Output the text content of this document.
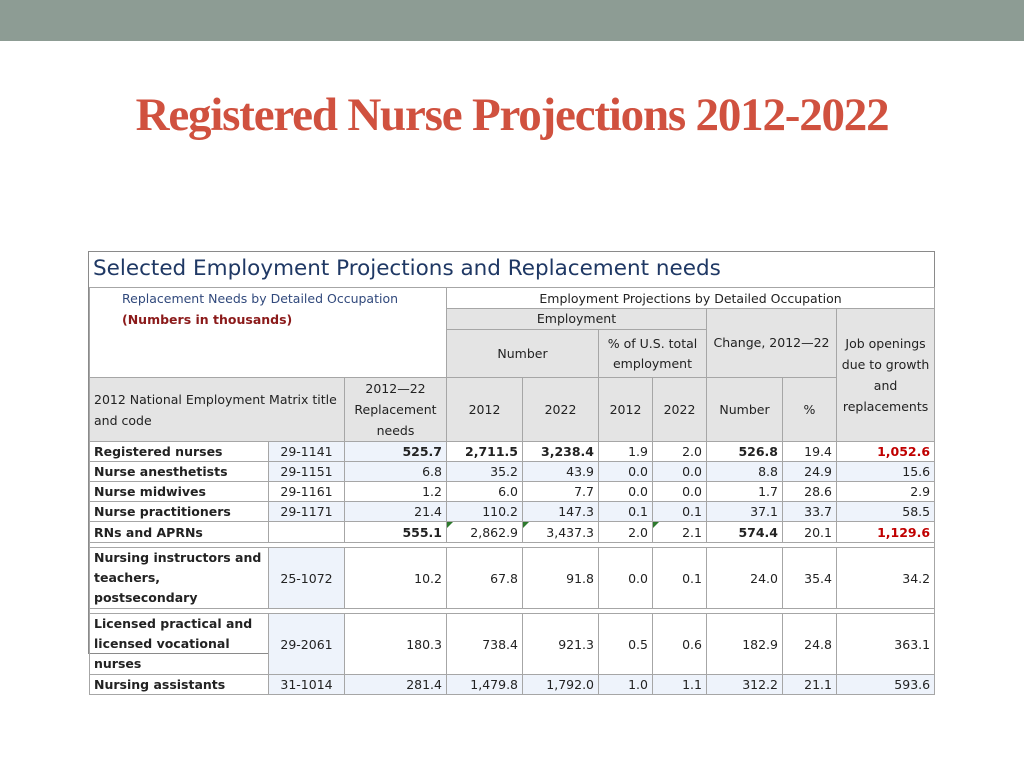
Registered Nurse Projections 2012-2022
Selected Employment Projections and Replacement needs
Replacement Needs by Detailed Occupation
(Numbers in thousands)			Employment Projections by Detailed Occupation						
			Employment				Change, 2012—22		Job openings due to growth and replacements
			Number		% of U.S. total employment				
2012 National Employment Matrix title and code		2012—22 Replacement needs	2012	2022	2012	2022	Number	%	
Registered nurses	29-1141	525.7	2,711.5	3,238.4	1.9	2.0	526.8	19.4	1,052.6
Nurse anesthetists	29-1151	6.8	35.2	43.9	0.0	0.0	8.8	24.9	15.6
Nurse midwives	29-1161	1.2	6.0	7.7	0.0	0.0	1.7	28.6	2.9
Nurse practitioners	29-1171	21.4	110.2	147.3	0.1	0.1	37.1	33.7	58.5
RNs and APRNs		555.1	2,862.9	3,437.3	2.0	2.1	574.4	20.1	1,129.6

Nursing instructors and teachers, postsecondary	25-1072	10.2	67.8	91.8	0.0	0.1	24.0	35.4	34.2

Licensed practical and licensed vocational nurses	29-2061	180.3	738.4	921.3	0.5	0.6	182.9	24.8	363.1
Nursing assistants	31-1014	281.4	1,479.8	1,792.0	1.0	1.1	312.2	21.1	593.6
